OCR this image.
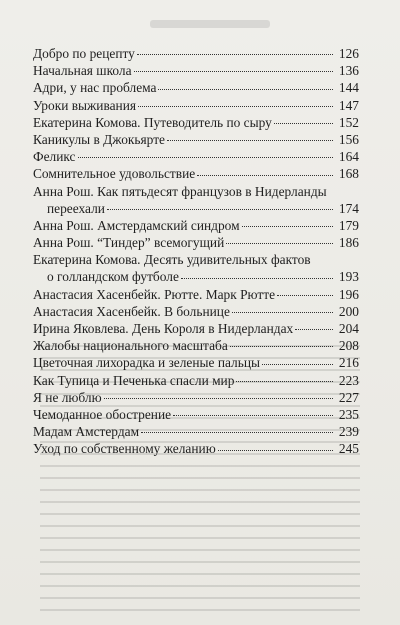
Добро по рецепту	126
Начальная школа	136
Адри, у нас проблема	144
Уроки выживания	147
Екатерина Комова. Путеводитель по сыру	152
Каникулы в Джокьярте	156
Феликс	164
Сомнительное удовольствие	168
Анна Рош. Как пятьдесят французов в Нидерланды
переехали	174
Анна Рош. Амстердамский синдром	179
Анна Рош. “Тиндер” всемогущий	186
Екатерина Комова. Десять удивительных фактов
о голландском футболе	193
Анастасия Хасенбейк. Рютте. Марк Рютте	196
Анастасия Хасенбейк. В больнице	200
Ирина Яковлева. День Короля в Нидерландах	204
Жалобы национального масштаба	208
Цветочная лихорадка и зеленые пальцы	216
Как Тупица и Печенька спасли мир	223
Я не люблю	227
Чемоданное обострение	235
Мадам Амстердам	239
Уход по собственному желанию	245
